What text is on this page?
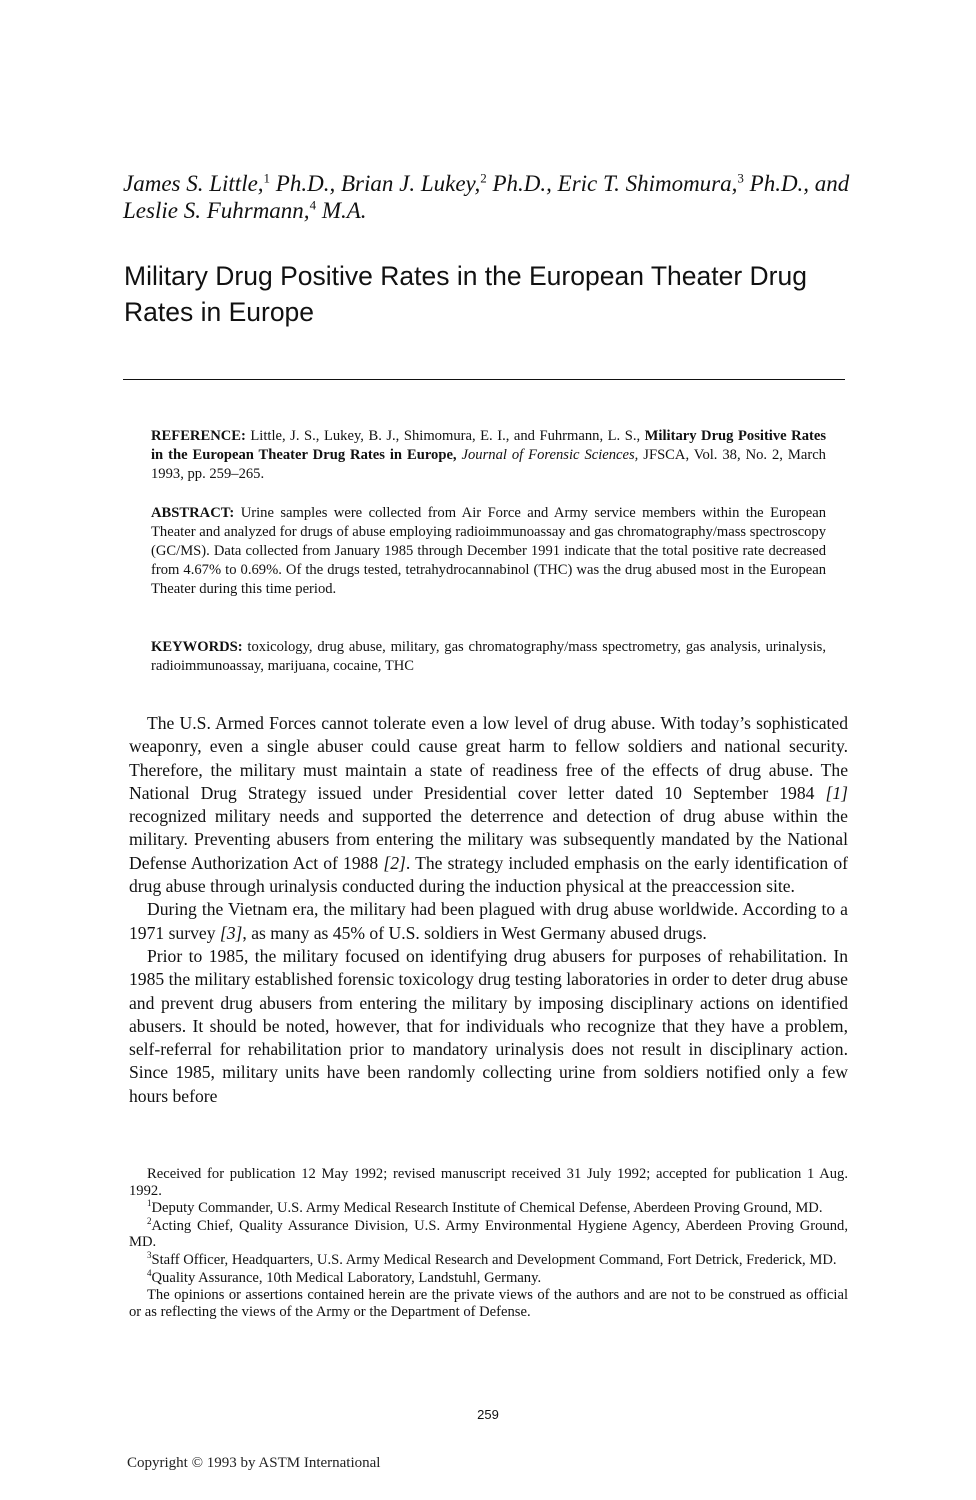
James S. Little,$^1$ Ph.D., Brian J. Lukey,$^2$ Ph.D., Eric T. Shimomura,$^3$ Ph.D., and Leslie S. Fuhrmann,$^4$ M.A.
Military Drug Positive Rates in the European Theater Drug Rates in Europe
REFERENCE: Little, J. S., Lukey, B. J., Shimomura, E. I., and Fuhrmann, L. S., Military Drug Positive Rates in the European Theater Drug Rates in Europe, Journal of Forensic Sciences, JFSCA, Vol. 38, No. 2, March 1993, pp. 259–265.
ABSTRACT: Urine samples were collected from Air Force and Army service members within the European Theater and analyzed for drugs of abuse employing radioimmunoassay and gas chromatography/mass spectroscopy (GC/MS). Data collected from January 1985 through December 1991 indicate that the total positive rate decreased from 4.67% to 0.69%. Of the drugs tested, tetrahydrocannabinol (THC) was the drug abused most in the European Theater during this time period.
KEYWORDS: toxicology, drug abuse, military, gas chromatography/mass spectrometry, gas analysis, urinalysis, radioimmunoassay, marijuana, cocaine, THC

The U.S. Armed Forces cannot tolerate even a low level of drug abuse. With today’s sophisticated weaponry, even a single abuser could cause great harm to fellow soldiers and national security. Therefore, the military must maintain a state of readiness free of the effects of drug abuse. The National Drug Strategy issued under Presidential cover letter dated 10 September 1984 [1] recognized military needs and supported the deterrence and detection of drug abuse within the military. Preventing abusers from entering the military was subsequently mandated by the National Defense Authorization Act of 1988 [2]. The strategy included emphasis on the early identification of drug abuse through urinalysis conducted during the induction physical at the preaccession site.

During the Vietnam era, the military had been plagued with drug abuse worldwide. According to a 1971 survey [3], as many as 45% of U.S. soldiers in West Germany abused drugs.

Prior to 1985, the military focused on identifying drug abusers for purposes of rehabilitation. In 1985 the military established forensic toxicology drug testing laboratories in order to deter drug abuse and prevent drug abusers from entering the military by imposing disciplinary actions on identified abusers. It should be noted, however, that for individuals who recognize that they have a problem, self-referral for rehabilitation prior to mandatory urinalysis does not result in disciplinary action. Since 1985, military units have been randomly collecting urine from soldiers notified only a few hours before

Received for publication 12 May 1992; revised manuscript received 31 July 1992; accepted for publication 1 Aug. 1992.

$^1$Deputy Commander, U.S. Army Medical Research Institute of Chemical Defense, Aberdeen Proving Ground, MD.

$^2$Acting Chief, Quality Assurance Division, U.S. Army Environmental Hygiene Agency, Aberdeen Proving Ground, MD.

$^3$Staff Officer, Headquarters, U.S. Army Medical Research and Development Command, Fort Detrick, Frederick, MD.

$^4$Quality Assurance, 10th Medical Laboratory, Landstuhl, Germany.

The opinions or assertions contained herein are the private views of the authors and are not to be construed as official or as reflecting the views of the Army or the Department of Defense.

259
Copyright © 1993 by ASTM International
